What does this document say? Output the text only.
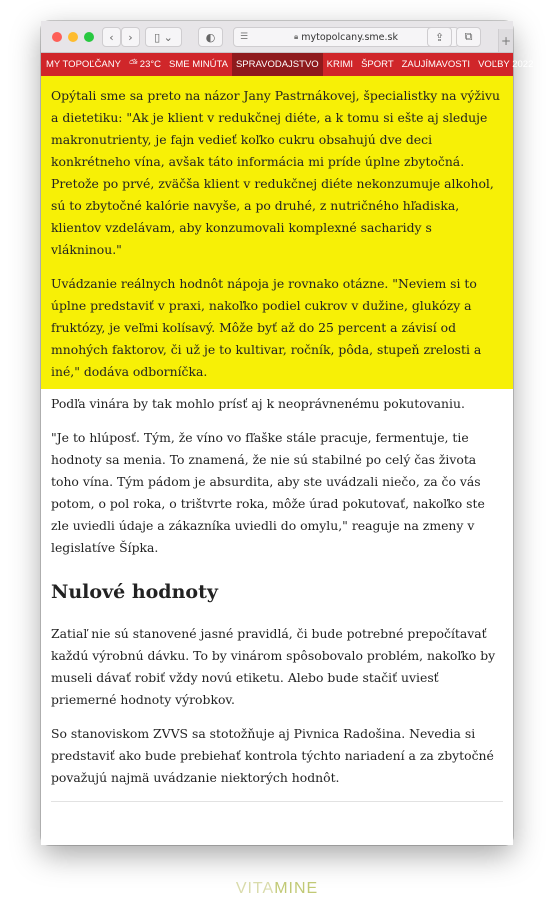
‹ › ▯ ⌄	◐	☰	🔒︎ mytopolcany.sme.sk	⇪ ⧉ +
MY TOPOĽČANY ⛅︎ 23°C SME MINÚTA SPRAVODAJSTVO KRIMI ŠPORT ZAUJÍMAVOSTI VOĽBY 2022

Opýtali sme sa preto na názor Jany Pastrnákovej, špecialistky na výživu a dietetiku: "Ak je klient v redukčnej diéte, a k tomu si ešte aj sleduje makronutrienty, je fajn vedieť koľko cukru obsahujú dve deci konkrétneho vína, avšak táto informácia mi príde úplne zbytočná. Pretože po prvé, zväčša klient v redukčnej diéte nekonzumuje alkohol, sú to zbytočné kalórie navyše, a po druhé, z nutričného hľadiska, klientov vzdelávam, aby konzumovali komplexné sacharidy s vlákninou."

Uvádzanie reálnych hodnôt nápoja je rovnako otázne. "Neviem si to úplne predstaviť v praxi, nakoľko podiel cukrov v dužine, glukózy a fruktózy, je veľmi kolísavý. Môže byť až do 25 percent a závisí od mnohých faktorov, či už je to kultivar, ročník, pôda, stupeň zrelosti a iné," dodáva odborníčka.

Podľa vinára by tak mohlo prísť aj k neoprávnenému pokutovaniu.

"Je to hlúposť. Tým, že víno vo fľaške stále pracuje, fermentuje, tie hodnoty sa menia. To znamená, že nie sú stabilné po celý čas života toho vína. Tým pádom je absurdita, aby ste uvádzali niečo, za čo vás potom, o pol roka, o trištvrte roka, môže úrad pokutovať, nakoľko ste zle uviedli údaje a zákazníka uviedli do omylu," reaguje na zmeny v legislatíve Šípka.

Nulové hodnoty

Zatiaľ nie sú stanovené jasné pravidlá, či bude potrebné prepočítavať každú výrobnú dávku. To by vinárom spôsobovalo problém, nakoľko by museli dávať robiť vždy novú etiketu. Alebo bude stačiť uviesť priemerné hodnoty výrobkov.

So stanoviskom ZVVS sa stotožňuje aj Pivnica Radošina. Nevedia si predstaviť ako bude prebiehať kontrola týchto nariadení a za zbytočné považujú najmä uvádzanie niektorých hodnôt.

VITAMINE
